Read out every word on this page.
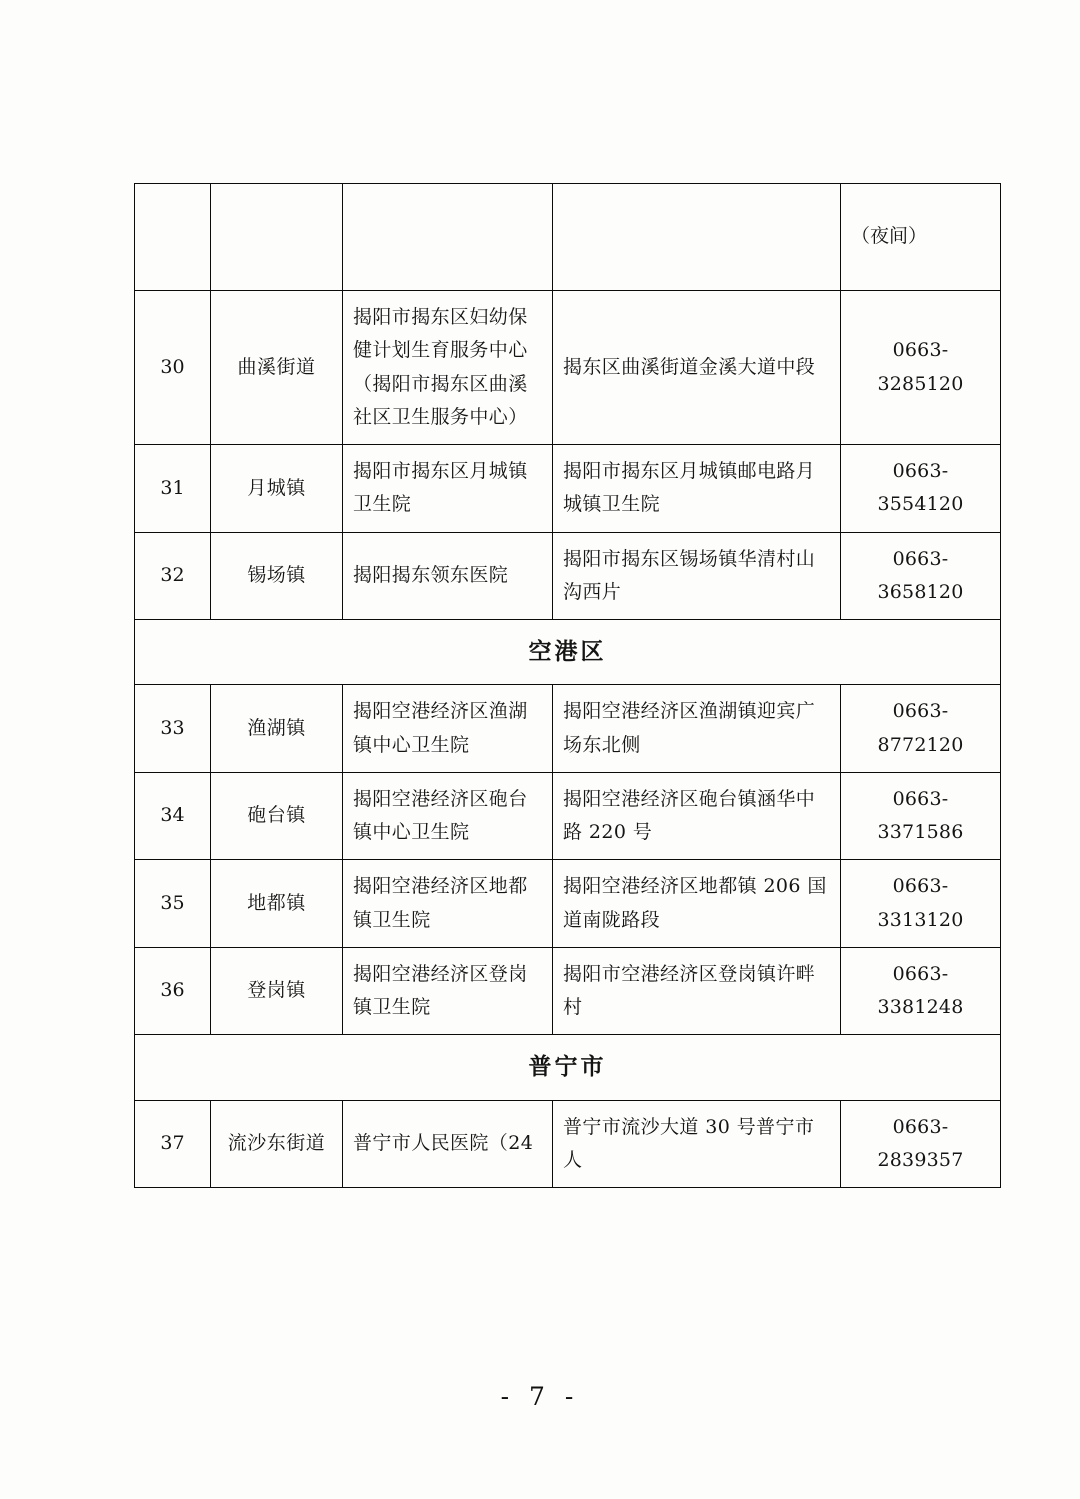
				（夜间）
30	曲溪街道	揭阳市揭东区妇幼保健计划生育服务中心（揭阳市揭东区曲溪社区卫生服务中心）	揭东区曲溪街道金溪大道中段	0663-3285120
31	月城镇	揭阳市揭东区月城镇卫生院	揭阳市揭东区月城镇邮电路月城镇卫生院	0663-3554120
32	锡场镇	揭阳揭东领东医院	揭阳市揭东区锡场镇华清村山沟西片	0663-3658120
空港区				
33	渔湖镇	揭阳空港经济区渔湖镇中心卫生院	揭阳空港经济区渔湖镇迎宾广场东北侧	0663-8772120
34	砲台镇	揭阳空港经济区砲台镇中心卫生院	揭阳空港经济区砲台镇涵华中路 220 号	0663-3371586
35	地都镇	揭阳空港经济区地都镇卫生院	揭阳空港经济区地都镇 206 国道南陇路段	0663-3313120
36	登岗镇	揭阳空港经济区登岗镇卫生院	揭阳市空港经济区登岗镇许畔村	0663-3381248
普宁市				
37	流沙东街道	普宁市人民医院（24	普宁市流沙大道 30 号普宁市人	0663-2839357
- 7 -
